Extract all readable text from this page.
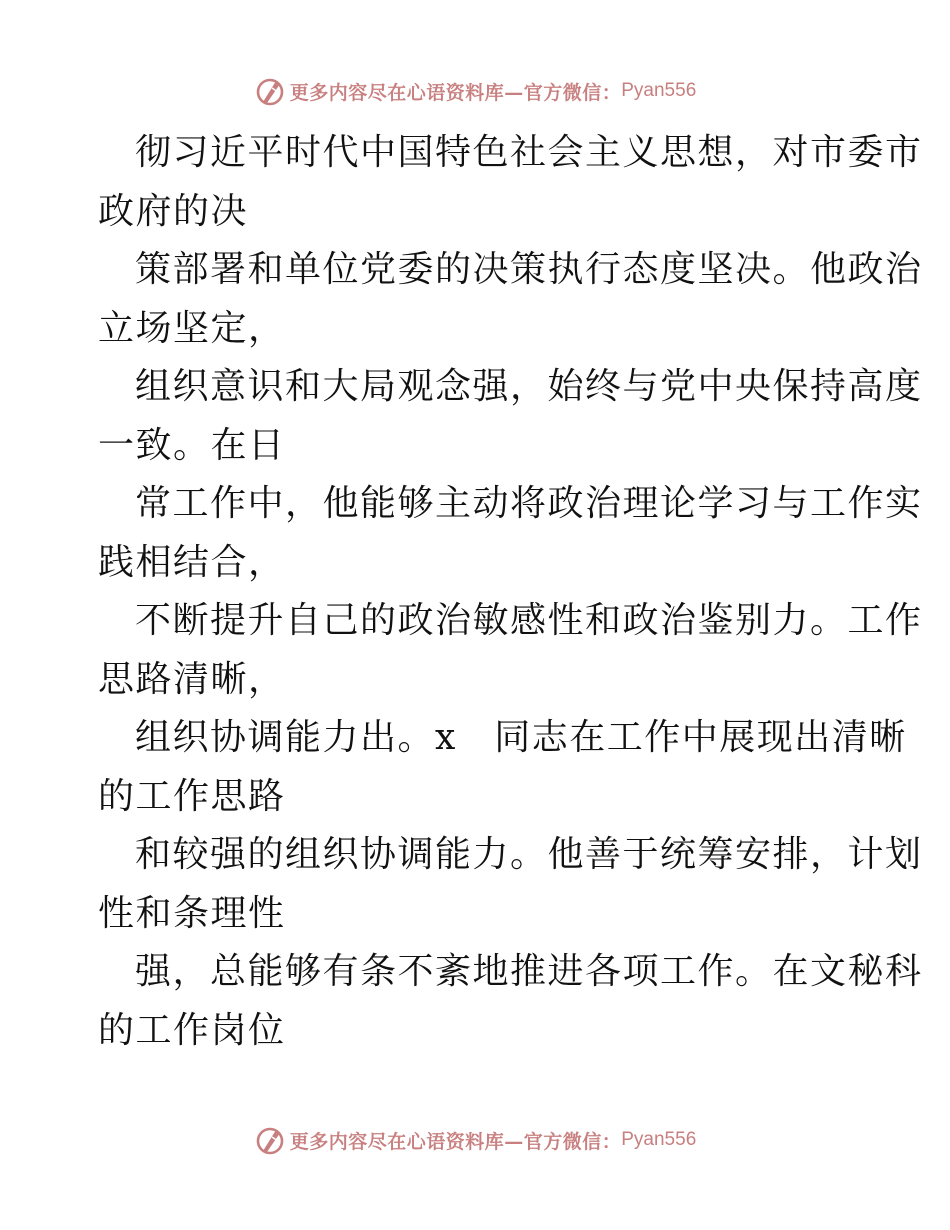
更多内容尽在心语资料库—官方微信： Pyan556
彻习近平时代中国特色社会主义思想，对市委市
政府的决
策部署和单位党委的决策执行态度坚决。他政治
立场坚定，
组织意识和大局观念强，始终与党中央保持高度
一致。在日
常工作中，他能够主动将政治理论学习与工作实
践相结合，
不断提升自己的政治敏感性和政治鉴别力。工作
思路清晰，
组织协调能力出。x　同志在工作中展现出清晰
的工作思路
和较强的组织协调能力。他善于统筹安排，计划
性和条理性
强，总能够有条不紊地推进各项工作。在文秘科
的工作岗位
更多内容尽在心语资料库—官方微信： Pyan556
